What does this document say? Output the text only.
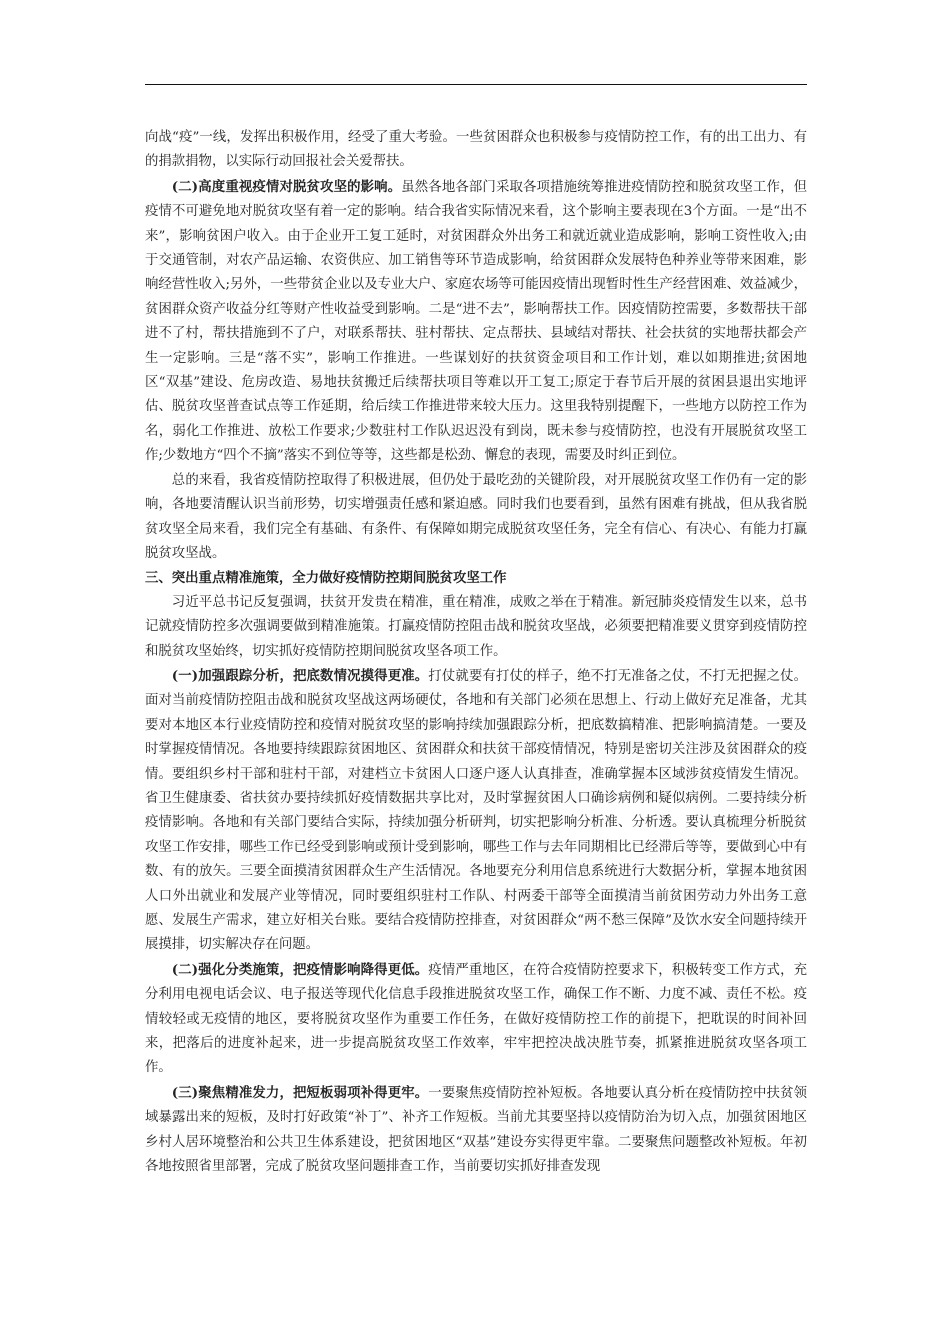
向战“疫”一线，发挥出积极作用，经受了重大考验。一些贫困群众也积极参与疫情防控工作，有的出工出力、有的捐款捐物，以实际行动回报社会关爱帮扶。

(二)高度重视疫情对脱贫攻坚的影响。虽然各地各部门采取各项措施统筹推进疫情防控和脱贫攻坚工作，但疫情不可避免地对脱贫攻坚有着一定的影响。结合我省实际情况来看，这个影响主要表现在3个方面。一是“出不来”，影响贫困户收入。由于企业开工复工延时，对贫困群众外出务工和就近就业造成影响，影响工资性收入;由于交通管制，对农产品运输、农资供应、加工销售等环节造成影响，给贫困群众发展特色种养业等带来困难，影响经营性收入;另外，一些带贫企业以及专业大户、家庭农场等可能因疫情出现暂时性生产经营困难、效益减少，贫困群众资产收益分红等财产性收益受到影响。二是“进不去”，影响帮扶工作。因疫情防控需要，多数帮扶干部进不了村，帮扶措施到不了户，对联系帮扶、驻村帮扶、定点帮扶、县域结对帮扶、社会扶贫的实地帮扶都会产生一定影响。三是“落不实”，影响工作推进。一些谋划好的扶贫资金项目和工作计划，难以如期推进;贫困地区“双基”建设、危房改造、易地扶贫搬迁后续帮扶项目等难以开工复工;原定于春节后开展的贫困县退出实地评估、脱贫攻坚普查试点等工作延期，给后续工作推进带来较大压力。这里我特别提醒下，一些地方以防控工作为名，弱化工作推进、放松工作要求;少数驻村工作队迟迟没有到岗，既未参与疫情防控，也没有开展脱贫攻坚工作;少数地方“四个不摘”落实不到位等等，这些都是松劲、懈怠的表现，需要及时纠正到位。

总的来看，我省疫情防控取得了积极进展，但仍处于最吃劲的关键阶段，对开展脱贫攻坚工作仍有一定的影响，各地要清醒认识当前形势，切实增强责任感和紧迫感。同时我们也要看到，虽然有困难有挑战，但从我省脱贫攻坚全局来看，我们完全有基础、有条件、有保障如期完成脱贫攻坚任务，完全有信心、有决心、有能力打赢脱贫攻坚战。

三、突出重点精准施策，全力做好疫情防控期间脱贫攻坚工作

习近平总书记反复强调，扶贫开发贵在精准，重在精准，成败之举在于精准。新冠肺炎疫情发生以来，总书记就疫情防控多次强调要做到精准施策。打赢疫情防控阻击战和脱贫攻坚战，必须要把精准要义贯穿到疫情防控和脱贫攻坚始终，切实抓好疫情防控期间脱贫攻坚各项工作。

(一)加强跟踪分析，把底数情况摸得更准。打仗就要有打仗的样子，绝不打无准备之仗，不打无把握之仗。面对当前疫情防控阻击战和脱贫攻坚战这两场硬仗，各地和有关部门必须在思想上、行动上做好充足准备，尤其要对本地区本行业疫情防控和疫情对脱贫攻坚的影响持续加强跟踪分析，把底数搞精准、把影响搞清楚。一要及时掌握疫情情况。各地要持续跟踪贫困地区、贫困群众和扶贫干部疫情情况，特别是密切关注涉及贫困群众的疫情。要组织乡村干部和驻村干部，对建档立卡贫困人口逐户逐人认真排查，准确掌握本区域涉贫疫情发生情况。省卫生健康委、省扶贫办要持续抓好疫情数据共享比对，及时掌握贫困人口确诊病例和疑似病例。二要持续分析疫情影响。各地和有关部门要结合实际，持续加强分析研判，切实把影响分析准、分析透。要认真梳理分析脱贫攻坚工作安排，哪些工作已经受到影响或预计受到影响，哪些工作与去年同期相比已经滞后等等，要做到心中有数、有的放矢。三要全面摸清贫困群众生产生活情况。各地要充分利用信息系统进行大数据分析，掌握本地贫困人口外出就业和发展产业等情况，同时要组织驻村工作队、村两委干部等全面摸清当前贫困劳动力外出务工意愿、发展生产需求，建立好相关台账。要结合疫情防控排查，对贫困群众“两不愁三保障”及饮水安全问题持续开展摸排，切实解决存在问题。

(二)强化分类施策，把疫情影响降得更低。疫情严重地区，在符合疫情防控要求下，积极转变工作方式，充分利用电视电话会议、电子报送等现代化信息手段推进脱贫攻坚工作，确保工作不断、力度不减、责任不松。疫情较轻或无疫情的地区，要将脱贫攻坚作为重要工作任务，在做好疫情防控工作的前提下，把耽误的时间补回来，把落后的进度补起来，进一步提高脱贫攻坚工作效率，牢牢把控决战决胜节奏，抓紧推进脱贫攻坚各项工作。

(三)聚焦精准发力，把短板弱项补得更牢。一要聚焦疫情防控补短板。各地要认真分析在疫情防控中扶贫领域暴露出来的短板，及时打好政策“补丁”、补齐工作短板。当前尤其要坚持以疫情防治为切入点，加强贫困地区乡村人居环境整治和公共卫生体系建设，把贫困地区“双基”建设夯实得更牢靠。二要聚焦问题整改补短板。年初各地按照省里部署，完成了脱贫攻坚问题排查工作，当前要切实抓好排查发现
